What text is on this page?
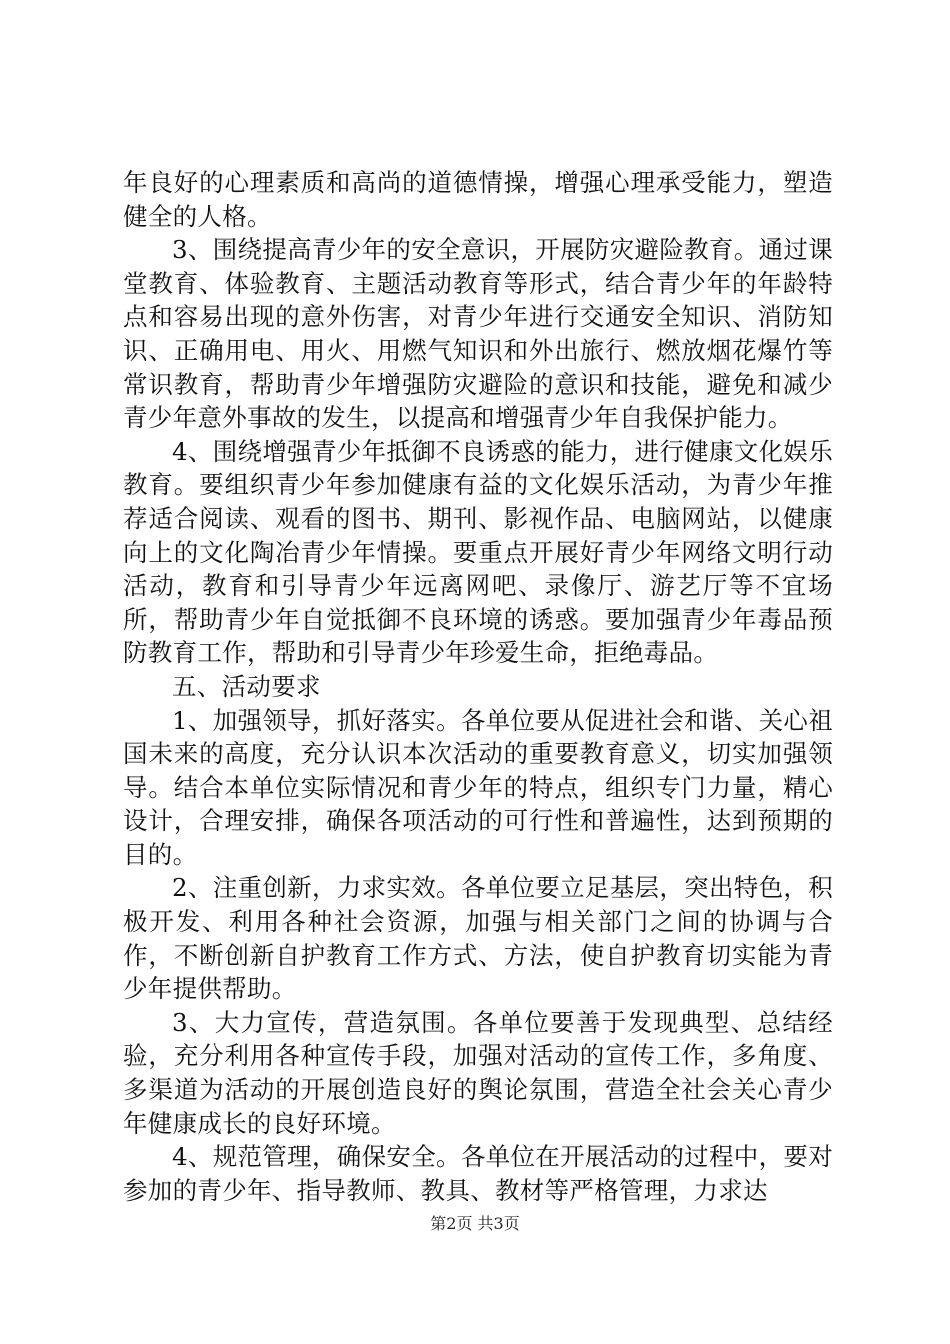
年良好的心理素质和高尚的道德情操，增强心理承受能力，塑造健全的人格。

3、围绕提高青少年的安全意识，开展防灾避险教育。通过课堂教育、体验教育、主题活动教育等形式，结合青少年的年龄特点和容易出现的意外伤害，对青少年进行交通安全知识、消防知识、正确用电、用火、用燃气知识和外出旅行、燃放烟花爆竹等常识教育，帮助青少年增强防灾避险的意识和技能，避免和减少青少年意外事故的发生，以提高和增强青少年自我保护能力。

4、围绕增强青少年抵御不良诱惑的能力，进行健康文化娱乐教育。要组织青少年参加健康有益的文化娱乐活动，为青少年推荐适合阅读、观看的图书、期刊、影视作品、电脑网站，以健康向上的文化陶冶青少年情操。要重点开展好青少年网络文明行动活动，教育和引导青少年远离网吧、录像厅、游艺厅等不宜场所，帮助青少年自觉抵御不良环境的诱惑。要加强青少年毒品预防教育工作，帮助和引导青少年珍爱生命，拒绝毒品。

五、活动要求

1、加强领导，抓好落实。各单位要从促进社会和谐、关心祖国未来的高度，充分认识本次活动的重要教育意义，切实加强领导。结合本单位实际情况和青少年的特点，组织专门力量，精心设计，合理安排，确保各项活动的可行性和普遍性，达到预期的目的。

2、注重创新，力求实效。各单位要立足基层，突出特色，积极开发、利用各种社会资源，加强与相关部门之间的协调与合作，不断创新自护教育工作方式、方法，使自护教育切实能为青少年提供帮助。

3、大力宣传，营造氛围。各单位要善于发现典型、总结经验，充分利用各种宣传手段，加强对活动的宣传工作，多角度、多渠道为活动的开展创造良好的舆论氛围，营造全社会关心青少年健康成长的良好环境。

4、规范管理，确保安全。各单位在开展活动的过程中，要对参加的青少年、指导教师、教具、教材等严格管理，力求达

第2页 共3页
